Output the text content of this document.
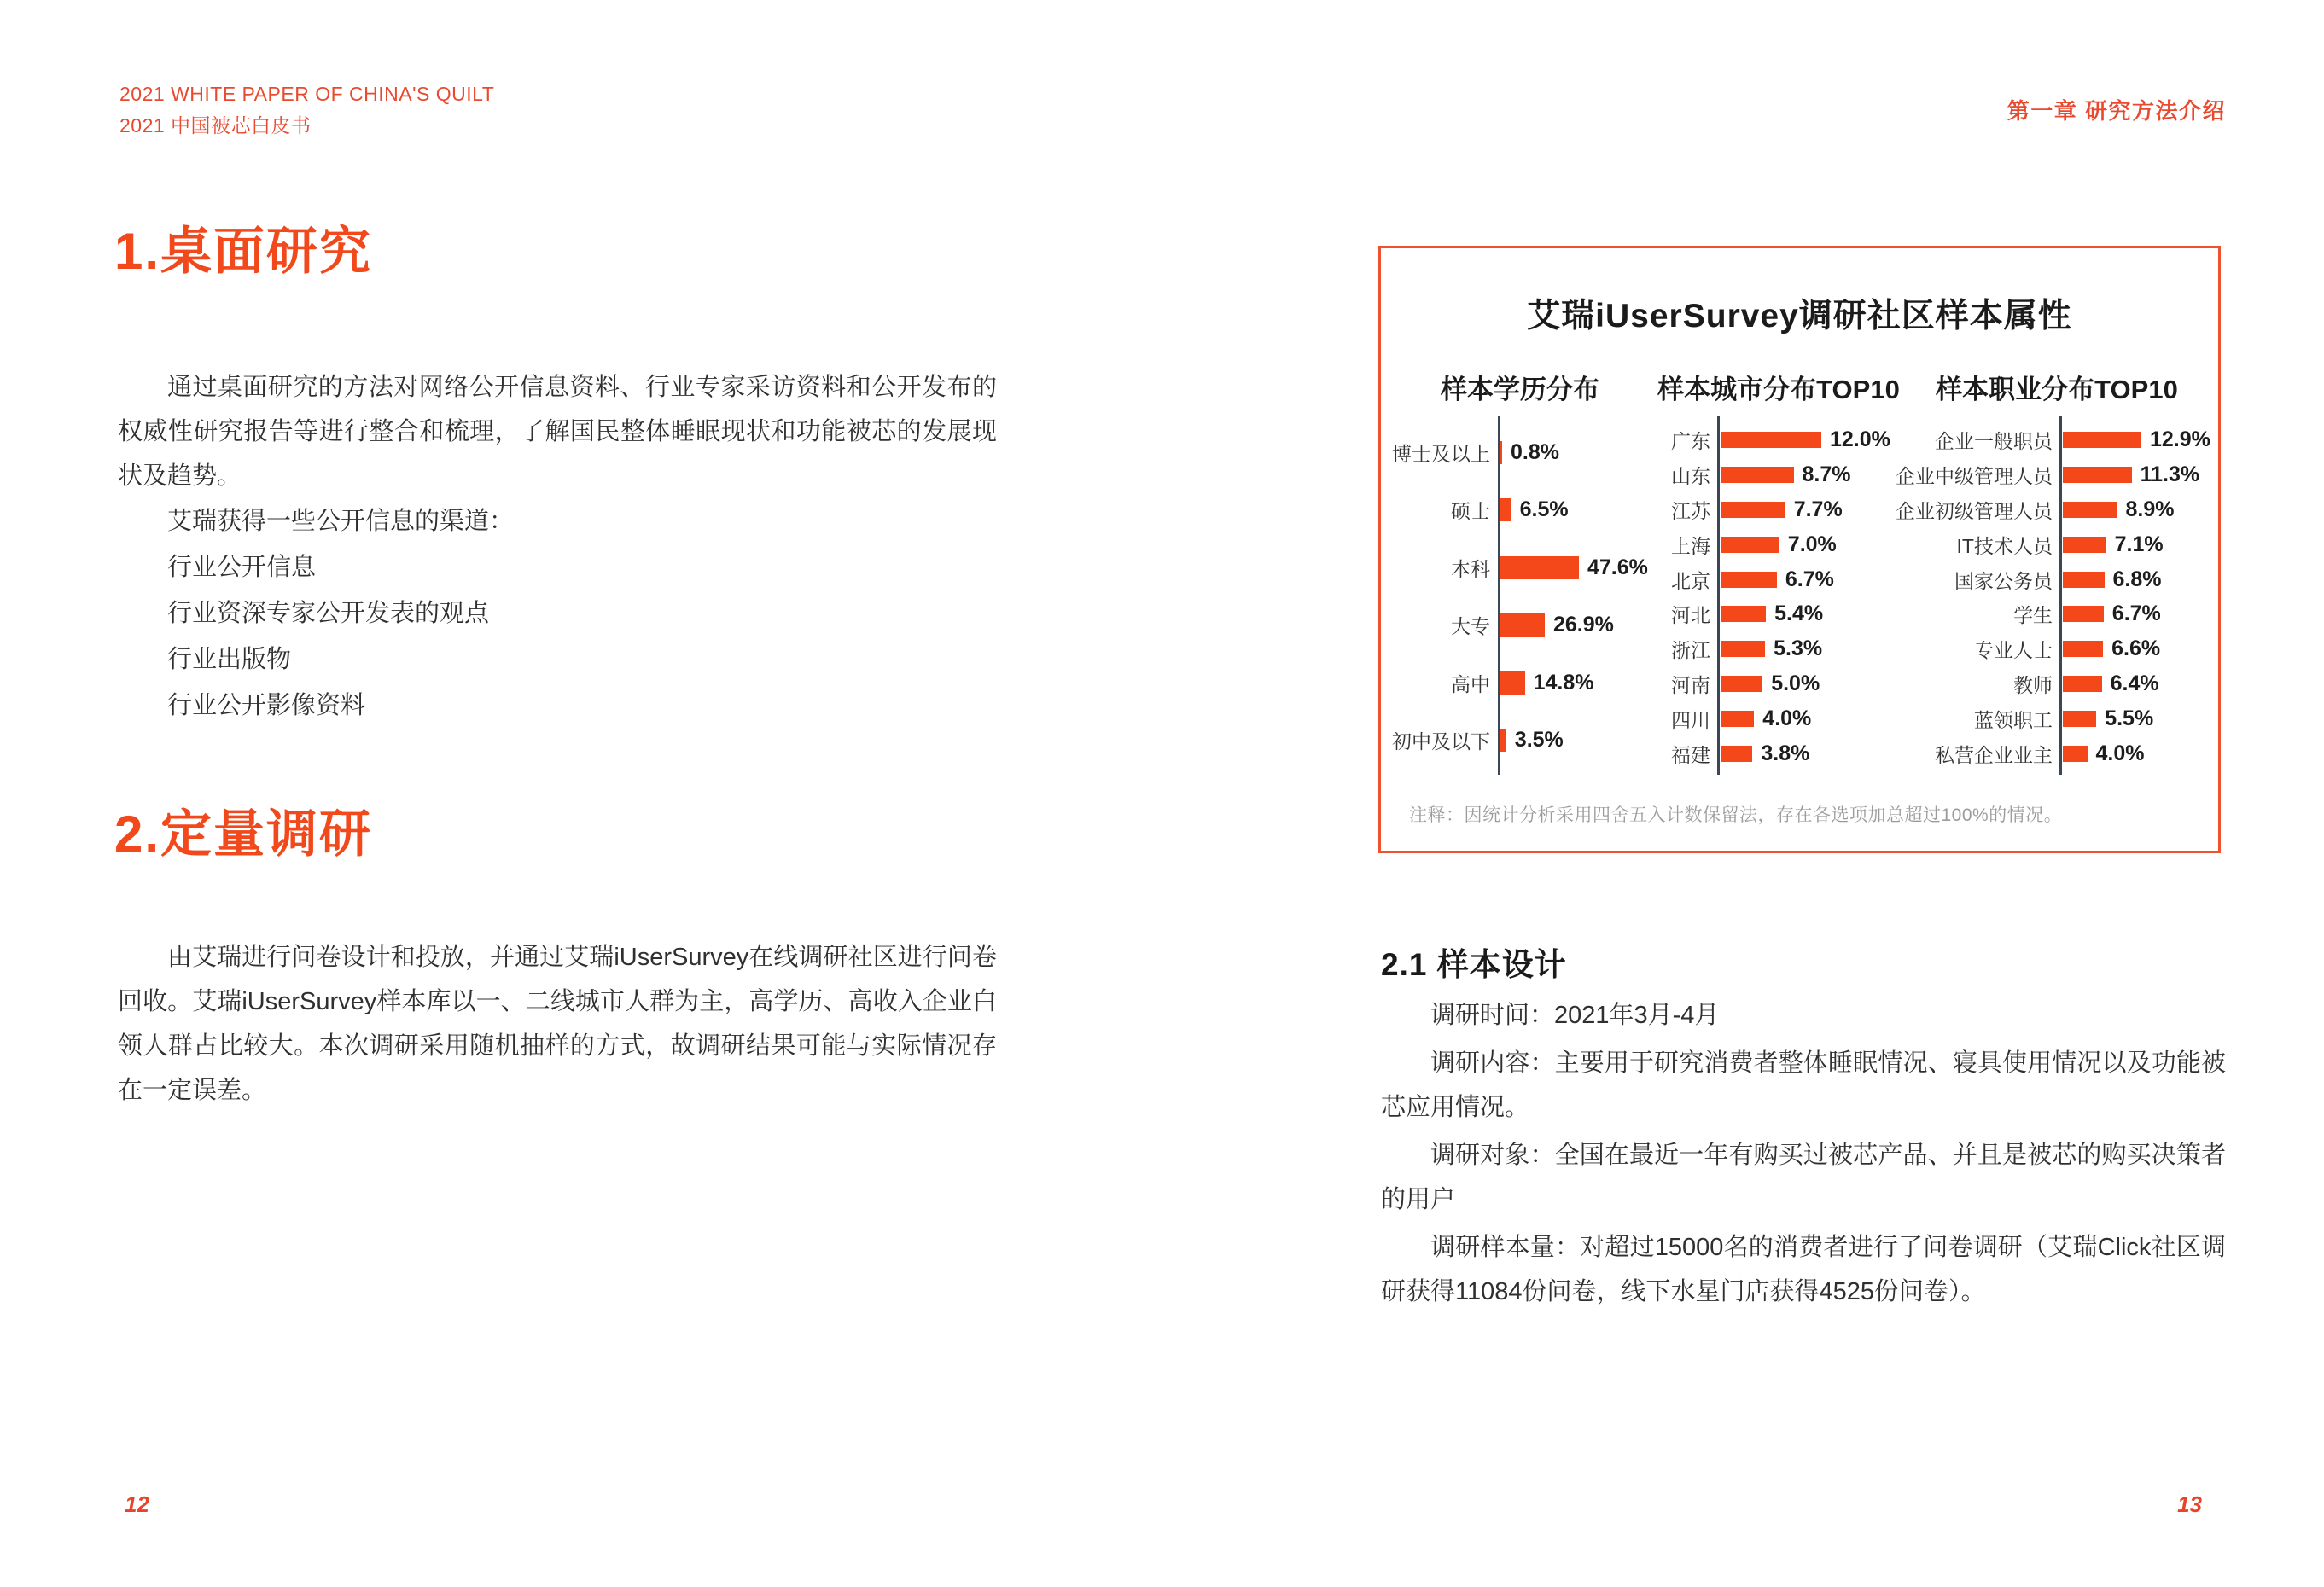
2021 WHITE PAPER OF CHINA'S QUILT
2021 中国被芯白皮书
第一章 研究方法介绍
1.桌面研究

通过桌面研究的方法对网络公开信息资料、行业专家采访资料和公开发布的权威性研究报告等进行整合和梳理，了解国民整体睡眠现状和功能被芯的发展现状及趋势。

艾瑞获得一些公开信息的渠道：
行业公开信息
行业资深专家公开发表的观点
行业出版物
行业公开影像资料
2.定量调研

由艾瑞进行问卷设计和投放，并通过艾瑞iUserSurvey在线调研社区进行问卷回收。艾瑞iUserSurvey样本库以一、二线城市人群为主，高学历、高收入企业白领人群占比较大。本次调研采用随机抽样的方式，故调研结果可能与实际情况存在一定误差。

艾瑞iUserSurvey调研社区样本属性
样本学历分布 样本城市分布TOP10 样本职业分布TOP10
博士及以上 0.8%
硕士	6.5%
本科	47.6%
大专	26.9%
高中	14.8%
初中及以下	3.5%
广东	12.0%
山东	8.7%
江苏	7.7%
上海	7.0%
北京	6.7%
河北	5.4%
浙江	5.3%
河南	5.0%
四川	4.0%
福建	3.8%
企业一般职员	12.9%
企业中级管理人员	11.3%
企业初级管理人员	8.9%
IT技术人员	7.1%
国家公务员	6.8%
学生	6.7%
专业人士	6.6%
教师	6.4%
蓝领职工	5.5%
私营企业业主	4.0%
注释：因统计分析采用四舍五入计数保留法，存在各选项加总超过100%的情况。
2.1 样本设计

调研时间：2021年3月-4月

调研内容：主要用于研究消费者整体睡眠情况、寝具使用情况以及功能被芯应用情况。

调研对象：全国在最近一年有购买过被芯产品、并且是被芯的购买决策者的用户

调研样本量：对超过15000名的消费者进行了问卷调研（艾瑞Click社区调研获得11084份问卷，线下水星门店获得4525份问卷）。

12	13
